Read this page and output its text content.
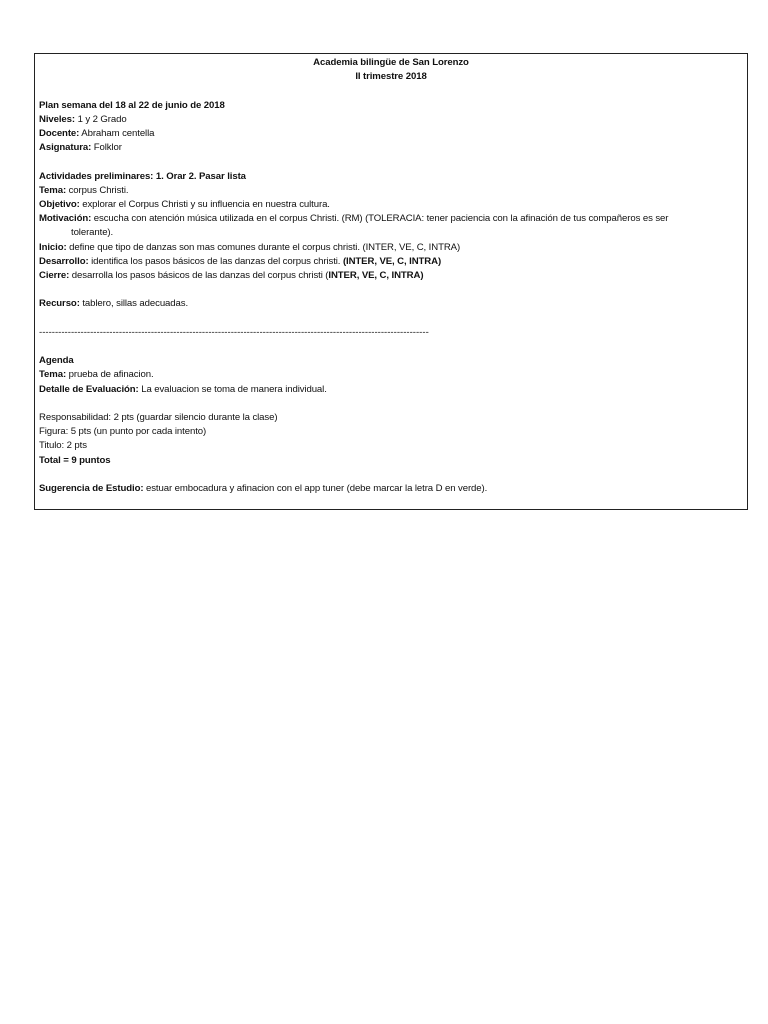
Academia bilingüe de San Lorenzo
II trimestre 2018
Plan semana del 18 al 22 de junio de 2018
Niveles: 1 y 2 Grado
Docente: Abraham centella
Asignatura: Folklor
Actividades preliminares: 1. Orar 2. Pasar lista
Tema: corpus Christi.
Objetivo: explorar el Corpus Christi y su influencia en nuestra cultura.
Motivación: escucha con atención música utilizada en el corpus Christi. (RM) (TOLERACIA: tener paciencia con la afinación de tus compañeros es ser
tolerante).
Inicio: define que tipo de danzas son mas comunes durante el corpus christi. (INTER, VE, C, INTRA)
Desarrollo: identifica los pasos básicos de las danzas del corpus christi. (INTER, VE, C, INTRA)
Cierre: desarrolla los pasos básicos de las danzas del corpus christi (INTER, VE, C, INTRA)
Recurso: tablero, sillas adecuadas.
--------------------------------------------------------------------------------------------------------------------------
Agenda
Tema: prueba de afinacion.
Detalle de Evaluación: La evaluacion se toma de manera individual.
Responsabilidad: 2 pts (guardar silencio durante la clase)
Figura: 5 pts (un punto por cada intento)
Titulo: 2 pts
Total = 9 puntos
Sugerencia de Estudio: estuar embocadura y afinacion con el app tuner (debe marcar la letra D en verde).
